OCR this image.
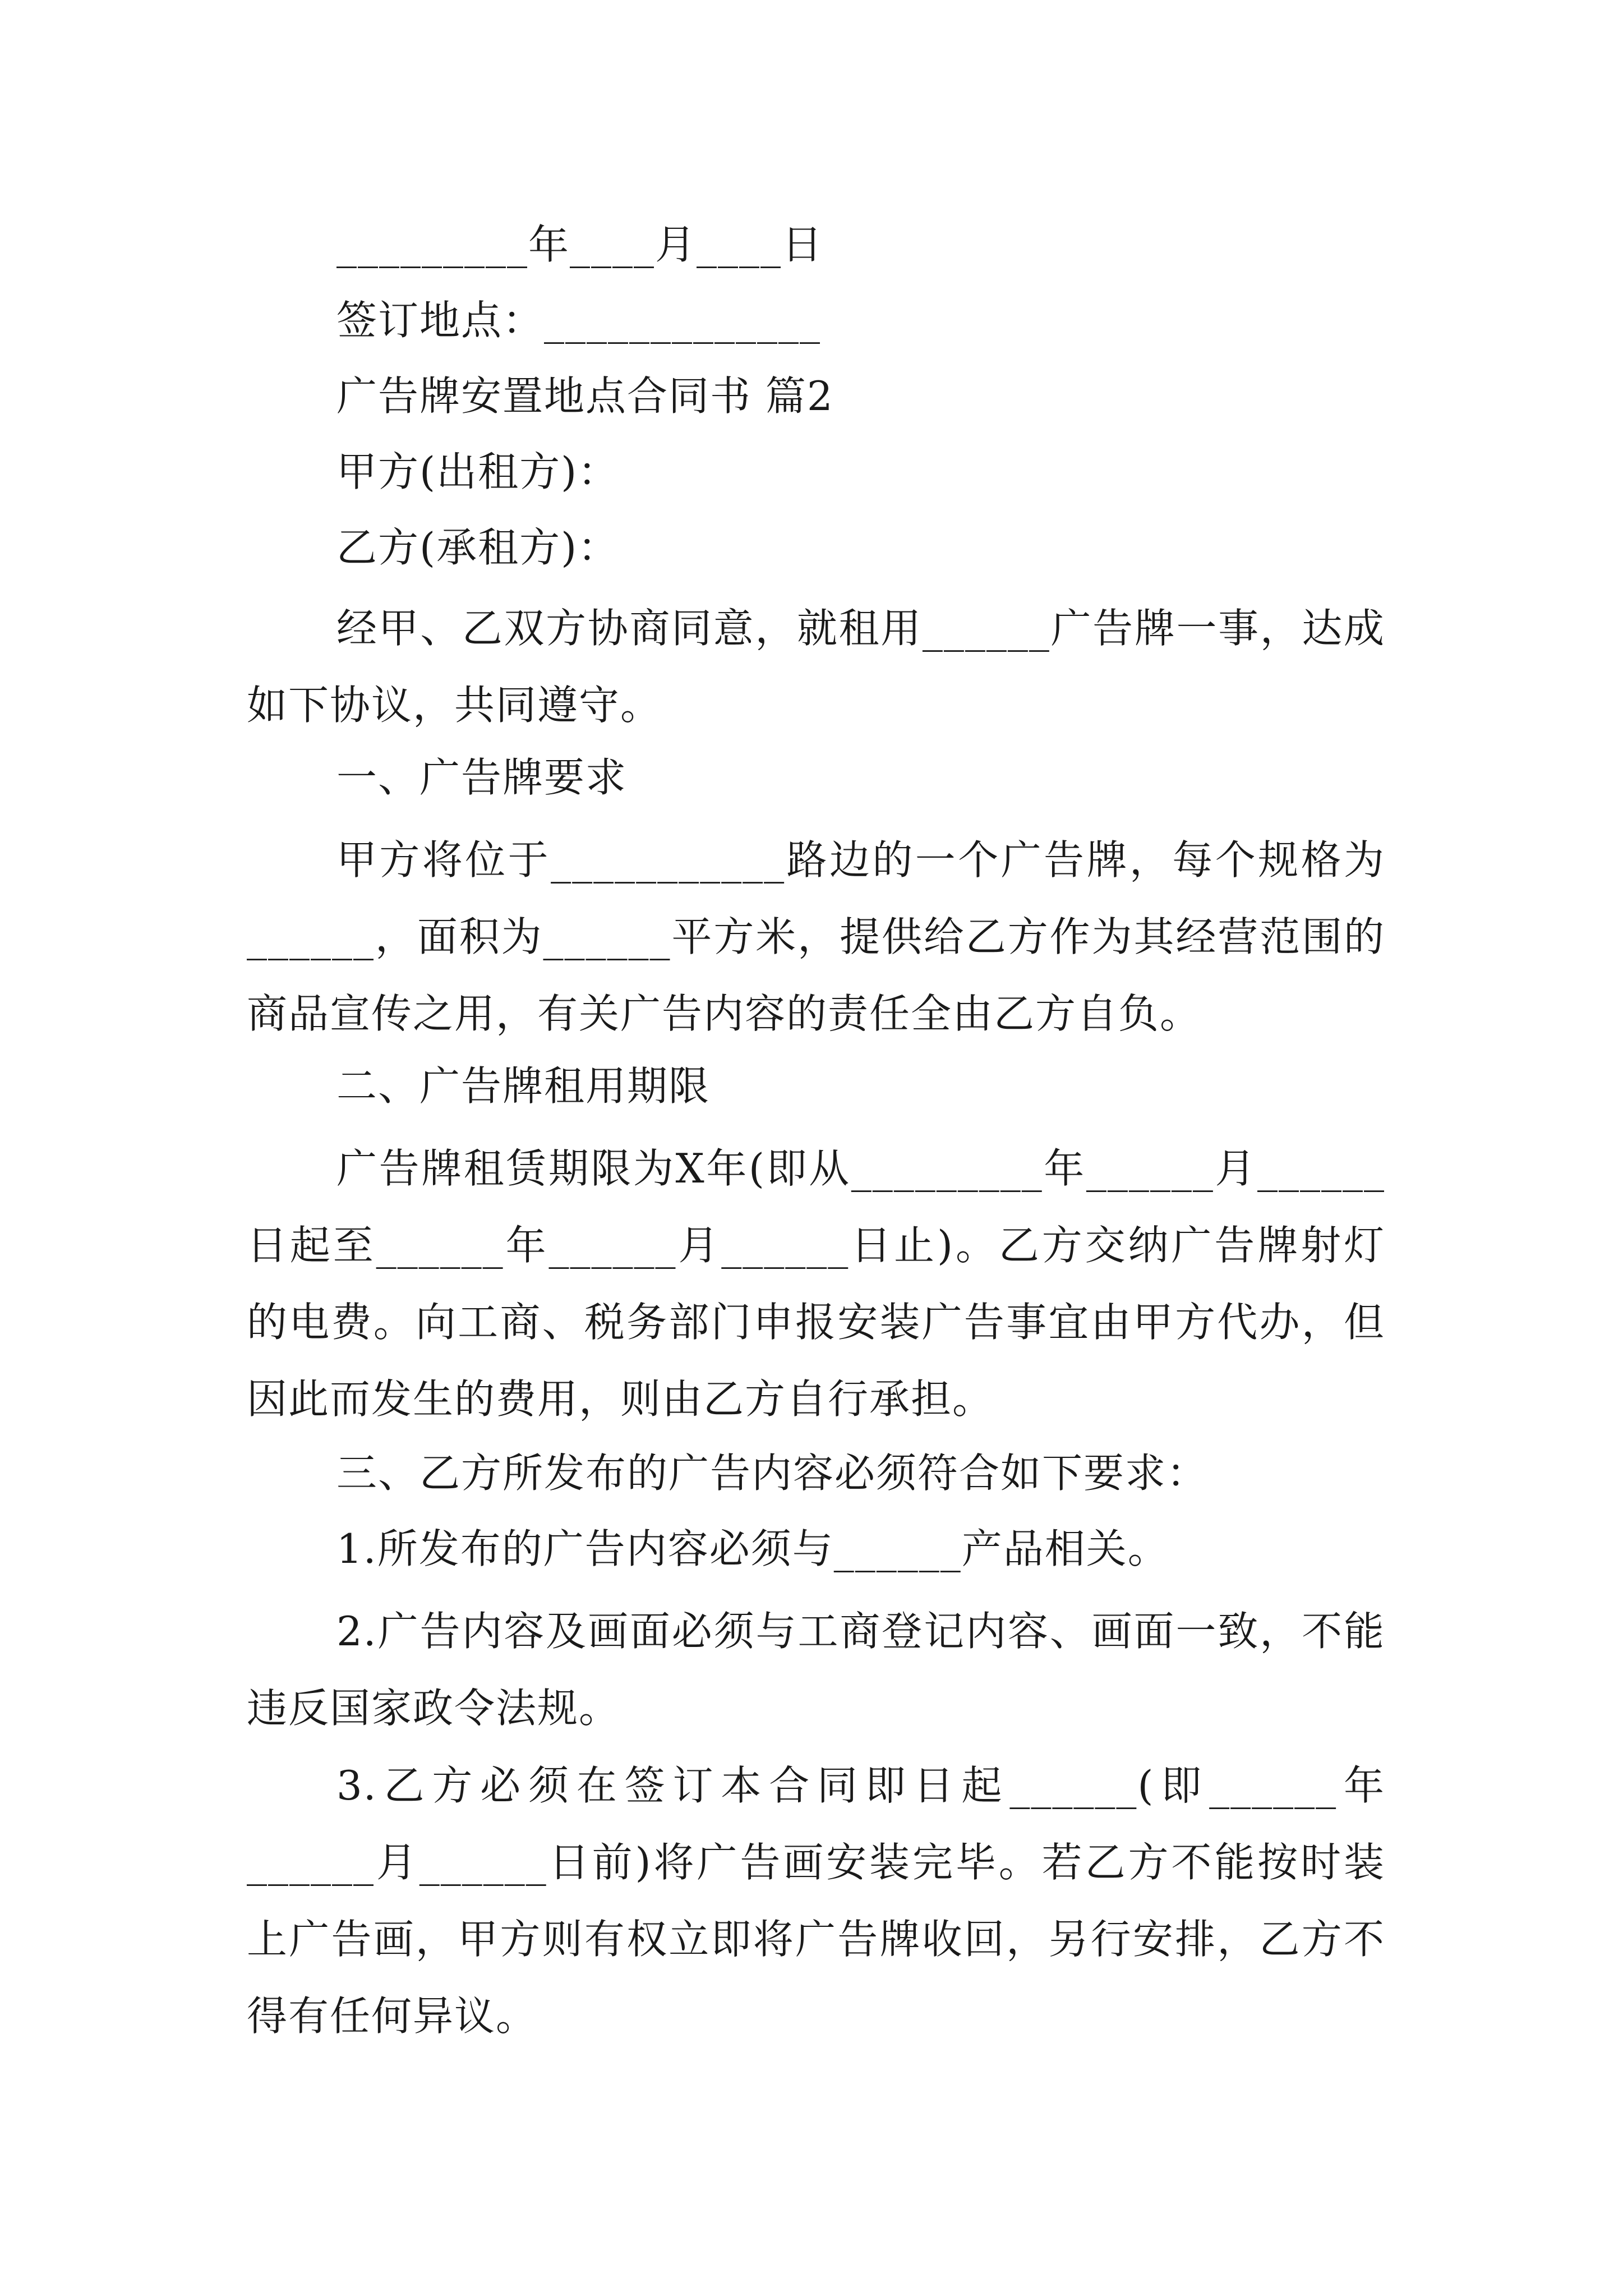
_________年____月____日
签订地点：_____________
广告牌安置地点合同书 篇2
甲方(出租方)：
乙方(承租方)：
经甲、乙双方协商同意，就租用______广告牌一事，达成如下协议，共同遵守。
一、广告牌要求
甲方将位于___________路边的一个广告牌，每个规格为______，面积为______平方米，提供给乙方作为其经营范围的商品宣传之用，有关广告内容的责任全由乙方自负。
二、广告牌租用期限
广告牌租赁期限为X年(即从_________年______月______日起至______年______月______日止)。乙方交纳广告牌射灯的电费。向工商、税务部门申报安装广告事宜由甲方代办，但因此而发生的费用，则由乙方自行承担。
三、乙方所发布的广告内容必须符合如下要求：
1.所发布的广告内容必须与______产品相关。
2.广告内容及画面必须与工商登记内容、画面一致，不能违反国家政令法规。
3.乙方必须在签订本合同即日起______(即______年______月______日前)将广告画安装完毕。若乙方不能按时装上广告画，甲方则有权立即将广告牌收回，另行安排，乙方不得有任何异议。
